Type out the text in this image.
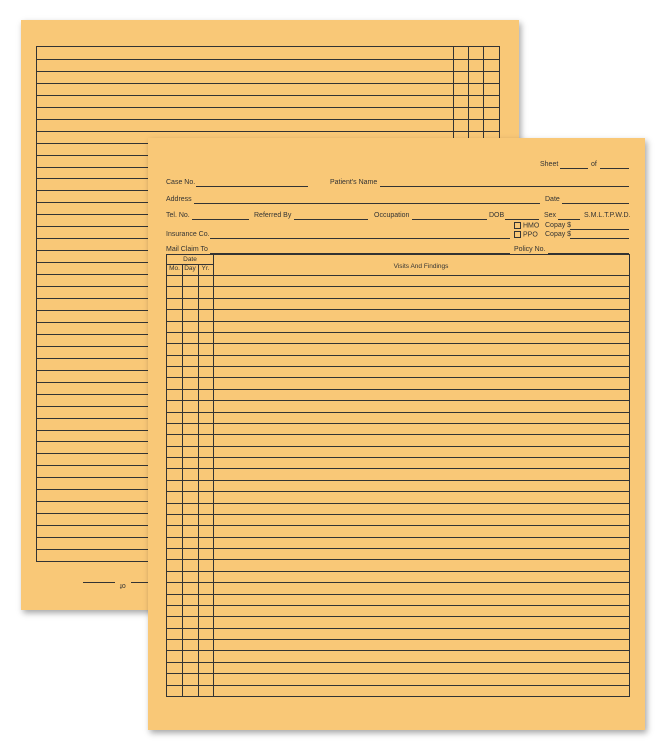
of
Sheet	of
Case No.	Patient's Name
Address	Date
Tel. No.	Referred By	Occupation	DOB	Sex	S.M.L.T.P.W.D.
HMO Copay $
Insurance Co.	PPO Copay $
Mail Claim To	Policy No.
Date
Mo. Day Yr.	Visits And Findings
